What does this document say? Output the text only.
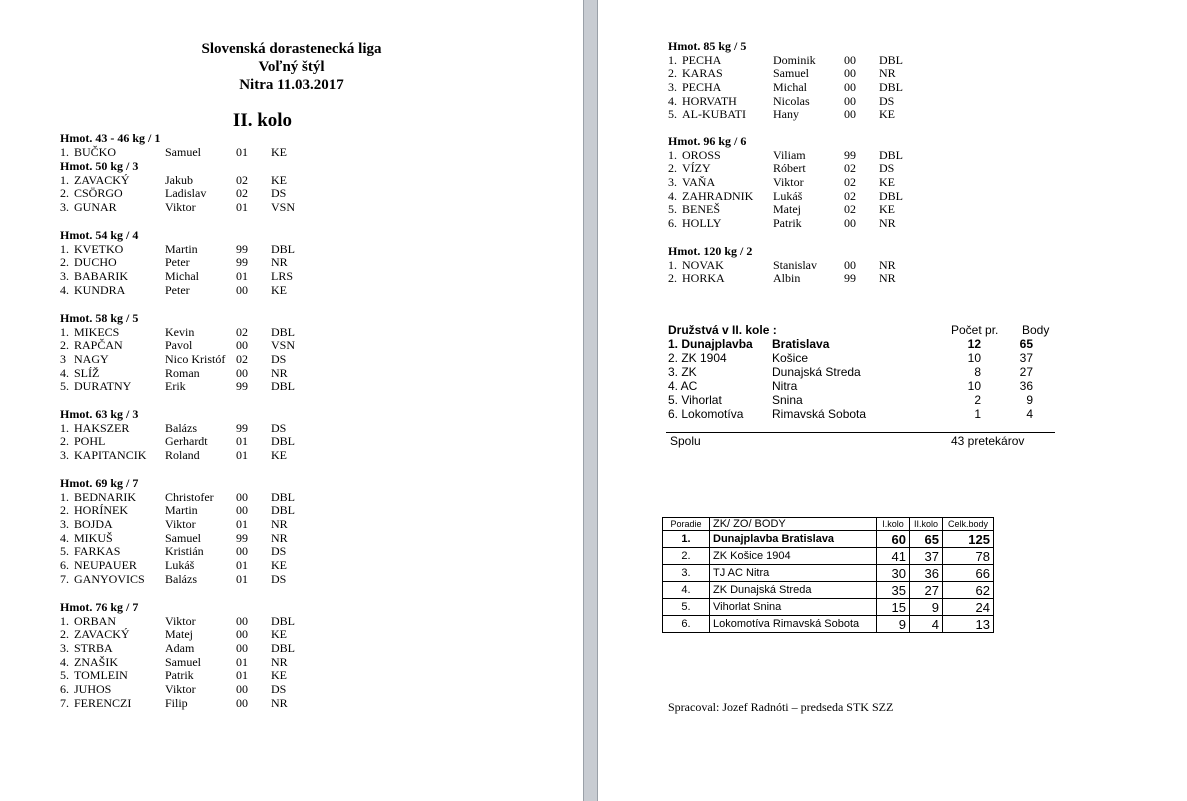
Slovenská dorastenecká liga
Voľný štýl
Nitra 11.03.2017
II. kolo
Hmot. 43 - 46 kg / 1
1. BUČKO	Samuel	01 KE
Hmot. 50 kg / 3
1. ZAVACKÝ	Jakub	02 KE
2. CSÖRGO	Ladislav 02 DS
3. GUNAR	Viktor	01 VSN
Hmot. 54 kg / 4
1. KVETKO	Martin	99 DBL
2. DUCHO	Peter	99 NR
3. BABARIK	Michal	01 LRS
4. KUNDRA	Peter	00 KE
Hmot. 58 kg / 5
1. MIKECS	Kevin	02 DBL
2. RAPČAN	Pavol	00 VSN
3 NAGY	Nico Kristóf 02 DS
4. SLÍŽ	Roman	00 NR
5. DURATNY	Erik	99 DBL
Hmot. 63 kg / 3
1. HAKSZER	Balázs	99 DS
2. POHL	Gerhardt 01 DBL
3. KAPITANCIK Roland	01 KE
Hmot. 69 kg / 7
1. BEDNARIK Christofer 00 DBL
2. HORÍNEK	Martin	00 DBL
3. BOJDA	Viktor	01 NR
4. MIKUŠ	Samuel	99 NR
5. FARKAS	Kristián	00 DS
6. NEUPAUER Lukáš	01 KE
7. GANYOVICS Balázs	01 DS
Hmot. 76 kg / 7
1. ORBAN	Viktor	00 DBL
2. ZAVACKÝ	Matej	00 KE
3. STRBA	Adam	00 DBL
4. ZNAŠIK	Samuel	01 NR
5. TOMLEIN	Patrik	01 KE
6. JUHOS	Viktor	00 DS
7. FERENCZI	Filip	00 NR
Hmot. 85 kg / 5
1. PECHA	Dominik 00 DBL
2. KARAS	Samuel	00 NR
3. PECHA	Michal	00 DBL
4. HORVATH	Nicolas	00 DS
5. AL-KUBATI Hany	00 KE
Hmot. 96 kg / 6
1. OROSS	Viliam	99 DBL
2. VÍZY	Róbert	02 DS
3. VAŇA	Viktor	02 KE
4. ZAHRADNIK Lukáš	02 DBL
5. BENEŠ	Matej	02 KE
6. HOLLY	Patrik	00 NR
Hmot. 120 kg / 2
1. NOVAK	Stanislav 00 NR
2. HORKA	Albin	99 NR
Družstvá v II. kole :	Počet pr. Body
1. Dunajplavba Bratislava	12	65
2. ZK 1904	Košice	10	37
3. ZK	Dunajská Streda	8	27
4. AC	Nitra	10	36
5. Vihorlat	Snina	2	9
6. Lokomotíva Rimavská Sobota	1	4
Spolu	43 pretekárov
Poradie	ZK/ ZO/ BODY	I.kolo	II.kolo	Celk.body
1.	Dunajplavba Bratislava	60	65	125
2.	ZK Košice 1904	41	37	78
3.	TJ AC Nitra	30	36	66
4.	ZK Dunajská Streda	35	27	62
5.	Vihorlat Snina	15	9	24
6.	Lokomotíva Rimavská Sobota	9	4	13
Spracoval: Jozef Radnóti – predseda STK SZZ
